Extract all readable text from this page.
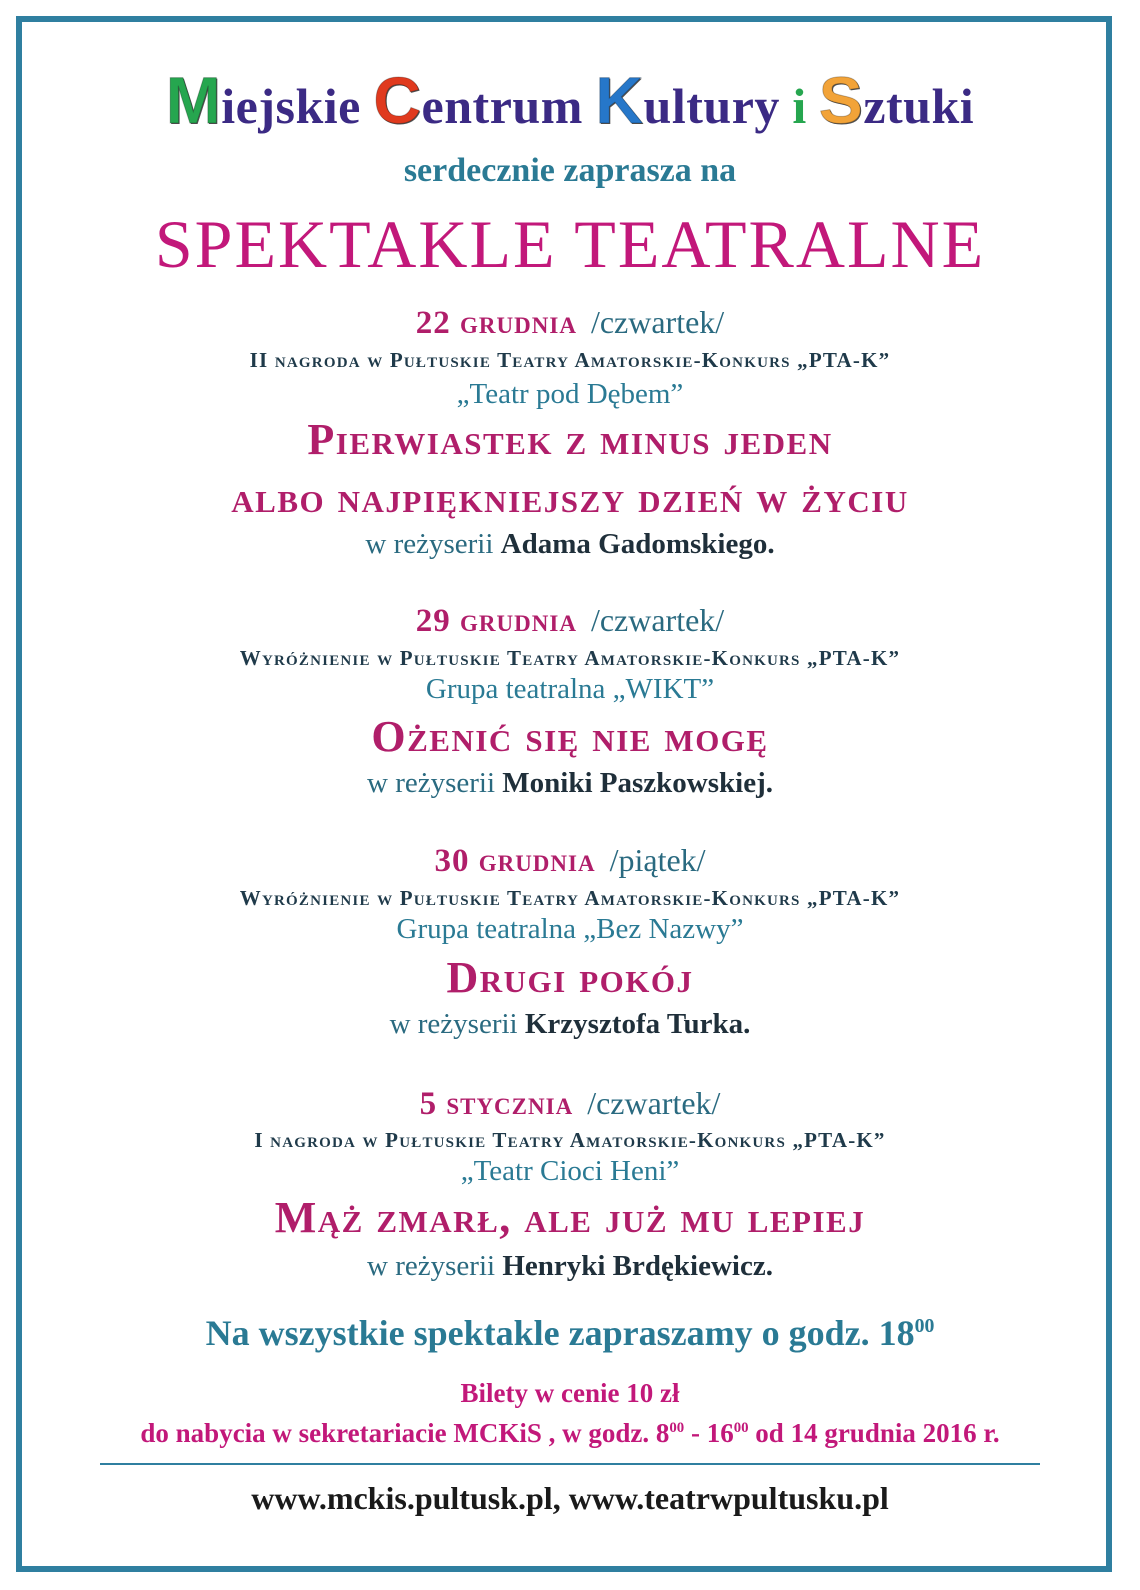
Miejskie Centrum Kultury i Sztuki
serdecznie zaprasza na
SPEKTAKLE TEATRALNE
22 grudnia /czwartek/
II nagroda w Pułtuskie Teatry Amatorskie-Konkurs „PTA-K”
„Teatr pod Dębem”
Pierwiastek z minus jeden
albo najpiękniejszy dzień w życiu
w reżyserii Adama Gadomskiego.
29 grudnia /czwartek/
Wyróżnienie w Pułtuskie Teatry Amatorskie-Konkurs „PTA-K”
Grupa teatralna „WIKT”
Ożenić się nie mogę
w reżyserii Moniki Paszkowskiej.
30 grudnia /piątek/
Wyróżnienie w Pułtuskie Teatry Amatorskie-Konkurs „PTA-K”
Grupa teatralna „Bez Nazwy”
Drugi pokój
w reżyserii Krzysztofa Turka.
5 stycznia /czwartek/
I nagroda w Pułtuskie Teatry Amatorskie-Konkurs „PTA-K”
„Teatr Cioci Heni”
Mąż zmarł, ale już mu lepiej
w reżyserii Henryki Brdękiewicz.
Na wszystkie spektakle zapraszamy o godz. $18^{00}$
Bilety w cenie 10 zł
do nabycia w sekretariacie MCKiS , w godz. $8^{00} - 16^{00}$ od 14 grudnia 2016 r.
www.mckis.pultusk.pl, www.teatrwpultusku.pl
